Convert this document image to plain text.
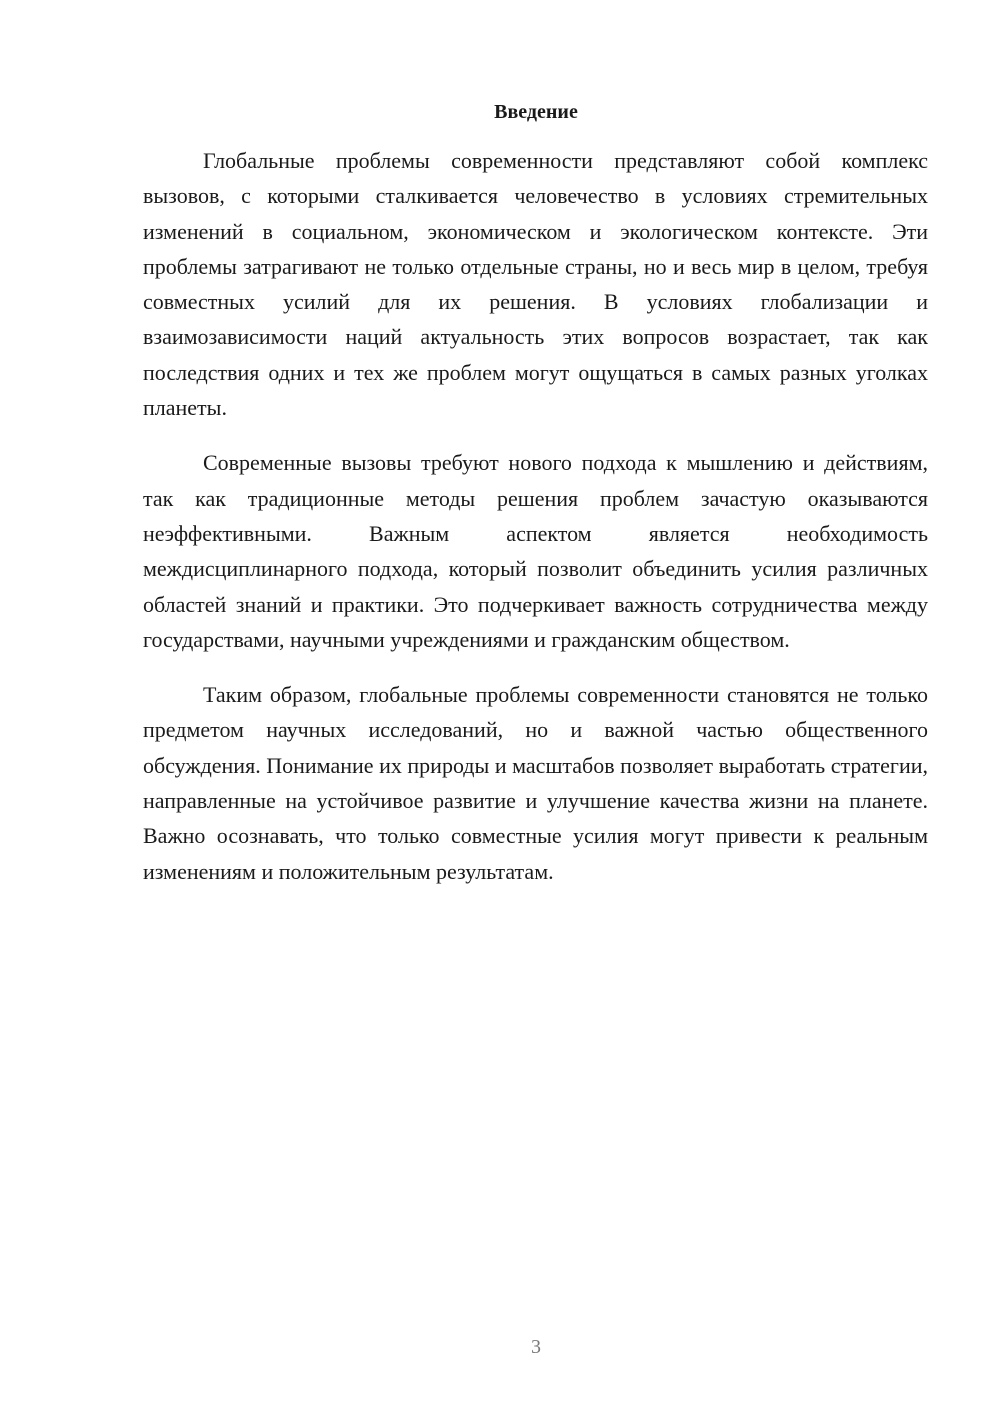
Введение

Глобальные проблемы современности представляют собой комплекс вызовов, с которыми сталкивается человечество в условиях стремительных изменений в социальном, экономическом и экологическом контексте. Эти проблемы затрагивают не только отдельные страны, но и весь мир в целом, требуя совместных усилий для их решения. В условиях глобализации и взаимозависимости наций актуальность этих вопросов возрастает, так как последствия одних и тех же проблем могут ощущаться в самых разных уголках планеты.

Современные вызовы требуют нового подхода к мышлению и действиям, так как традиционные методы решения проблем зачастую оказываются неэффективными. Важным аспектом является необходимость междисциплинарного подхода, который позволит объединить усилия различных областей знаний и практики. Это подчеркивает важность сотрудничества между государствами, научными учреждениями и гражданским обществом.

Таким образом, глобальные проблемы современности становятся не только предметом научных исследований, но и важной частью общественного обсуждения. Понимание их природы и масштабов позволяет выработать стратегии, направленные на устойчивое развитие и улучшение качества жизни на планете. Важно осознавать, что только совместные усилия могут привести к реальным изменениям и положительным результатам.

3
